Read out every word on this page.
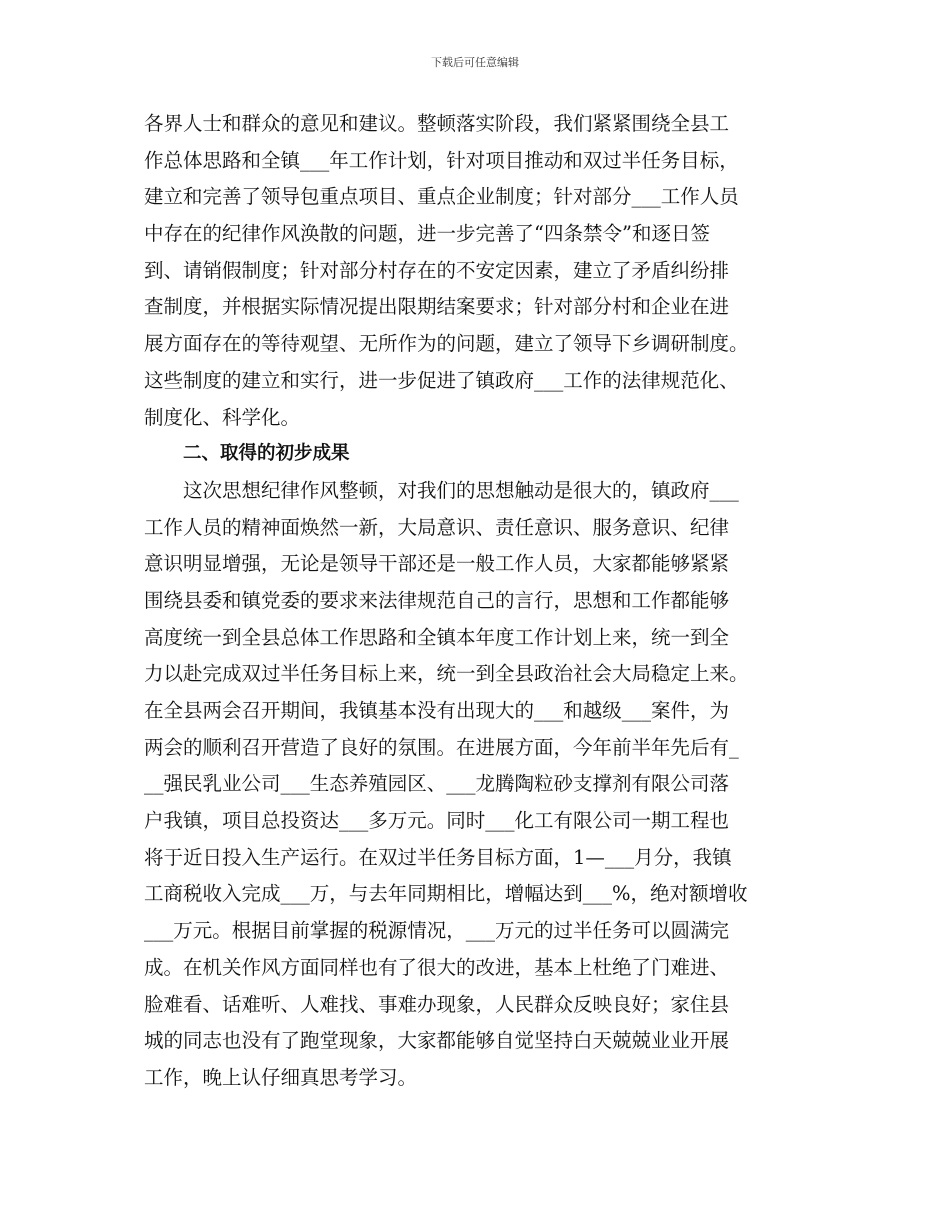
下载后可任意编辑
各界人士和群众的意见和建议。整顿落实阶段，我们紧紧围绕全县工
作总体思路和全镇___年工作计划，针对项目推动和双过半任务目标，
建立和完善了领导包重点项目、重点企业制度；针对部分___工作人员
中存在的纪律作风涣散的问题，进一步完善了“四条禁令”和逐日签
到、请销假制度；针对部分村存在的不安定因素，建立了矛盾纠纷排
查制度，并根据实际情况提出限期结案要求；针对部分村和企业在进
展方面存在的等待观望、无所作为的问题，建立了领导下乡调研制度。
这些制度的建立和实行，进一步促进了镇政府___工作的法律规范化、
制度化、科学化。
二、取得的初步成果
这次思想纪律作风整顿，对我们的思想触动是很大的，镇政府___
工作人员的精神面焕然一新，大局意识、责任意识、服务意识、纪律
意识明显增强，无论是领导干部还是一般工作人员，大家都能够紧紧
围绕县委和镇党委的要求来法律规范自己的言行，思想和工作都能够
高度统一到全县总体工作思路和全镇本年度工作计划上来，统一到全
力以赴完成双过半任务目标上来，统一到全县政治社会大局稳定上来。
在全县两会召开期间，我镇基本没有出现大的___和越级___案件，为
两会的顺利召开营造了良好的氛围。在进展方面，今年前半年先后有_
__强民乳业公司___生态养殖园区、___龙腾陶粒砂支撑剂有限公司落
户我镇，项目总投资达___多万元。同时___化工有限公司一期工程也
将于近日投入生产运行。在双过半任务目标方面，1—___月分，我镇
工商税收入完成___万，与去年同期相比，增幅达到___%，绝对额增收
___万元。根据目前掌握的税源情况，___万元的过半任务可以圆满完
成。在机关作风方面同样也有了很大的改进，基本上杜绝了门难进、
脸难看、话难听、人难找、事难办现象，人民群众反映良好；家住县
城的同志也没有了跑堂现象，大家都能够自觉坚持白天兢兢业业开展
工作，晚上认仔细真思考学习。
